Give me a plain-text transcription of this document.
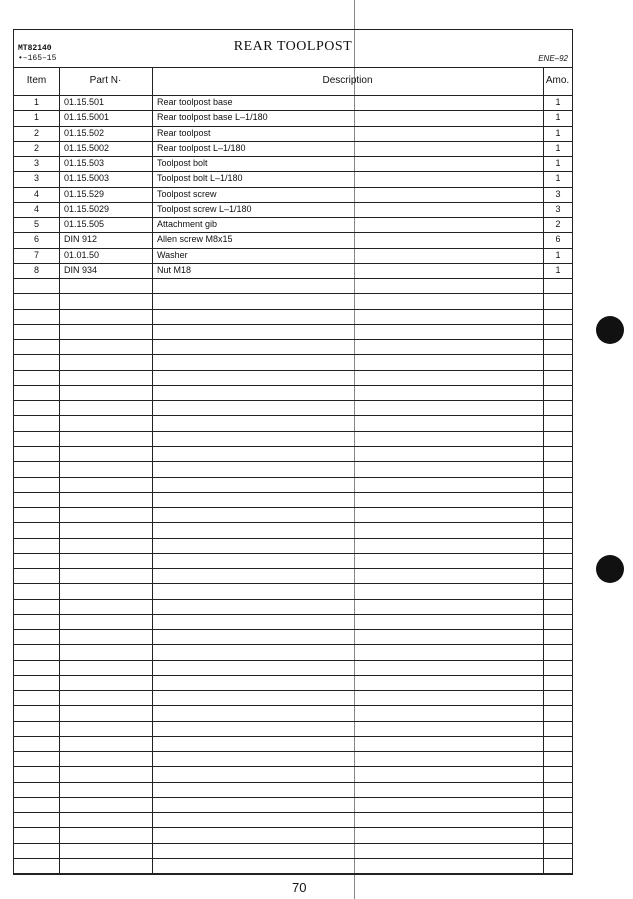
MT82140
•–165–15
REAR TOOLPOST
ENE–92
Item	Part N·	Description	Amo.
1	01.15.501	Rear toolpost base	1
1	01.15.5001	Rear toolpost base L–1/180	1
2	01.15.502	Rear toolpost	1
2	01.15.5002	Rear toolpost L–1/180	1
3	01.15.503	Toolpost bolt	1
3	01.15.5003	Toolpost bolt L–1/180	1
4	01.15.529	Toolpost screw	3
4	01.15.5029	Toolpost screw L–1/180	3
5	01.15.505	Attachment gib	2
6	DIN 912	Allen screw M8x15	6
7	01.01.50	Washer	1
8	DIN 934	Nut M18	1
70
